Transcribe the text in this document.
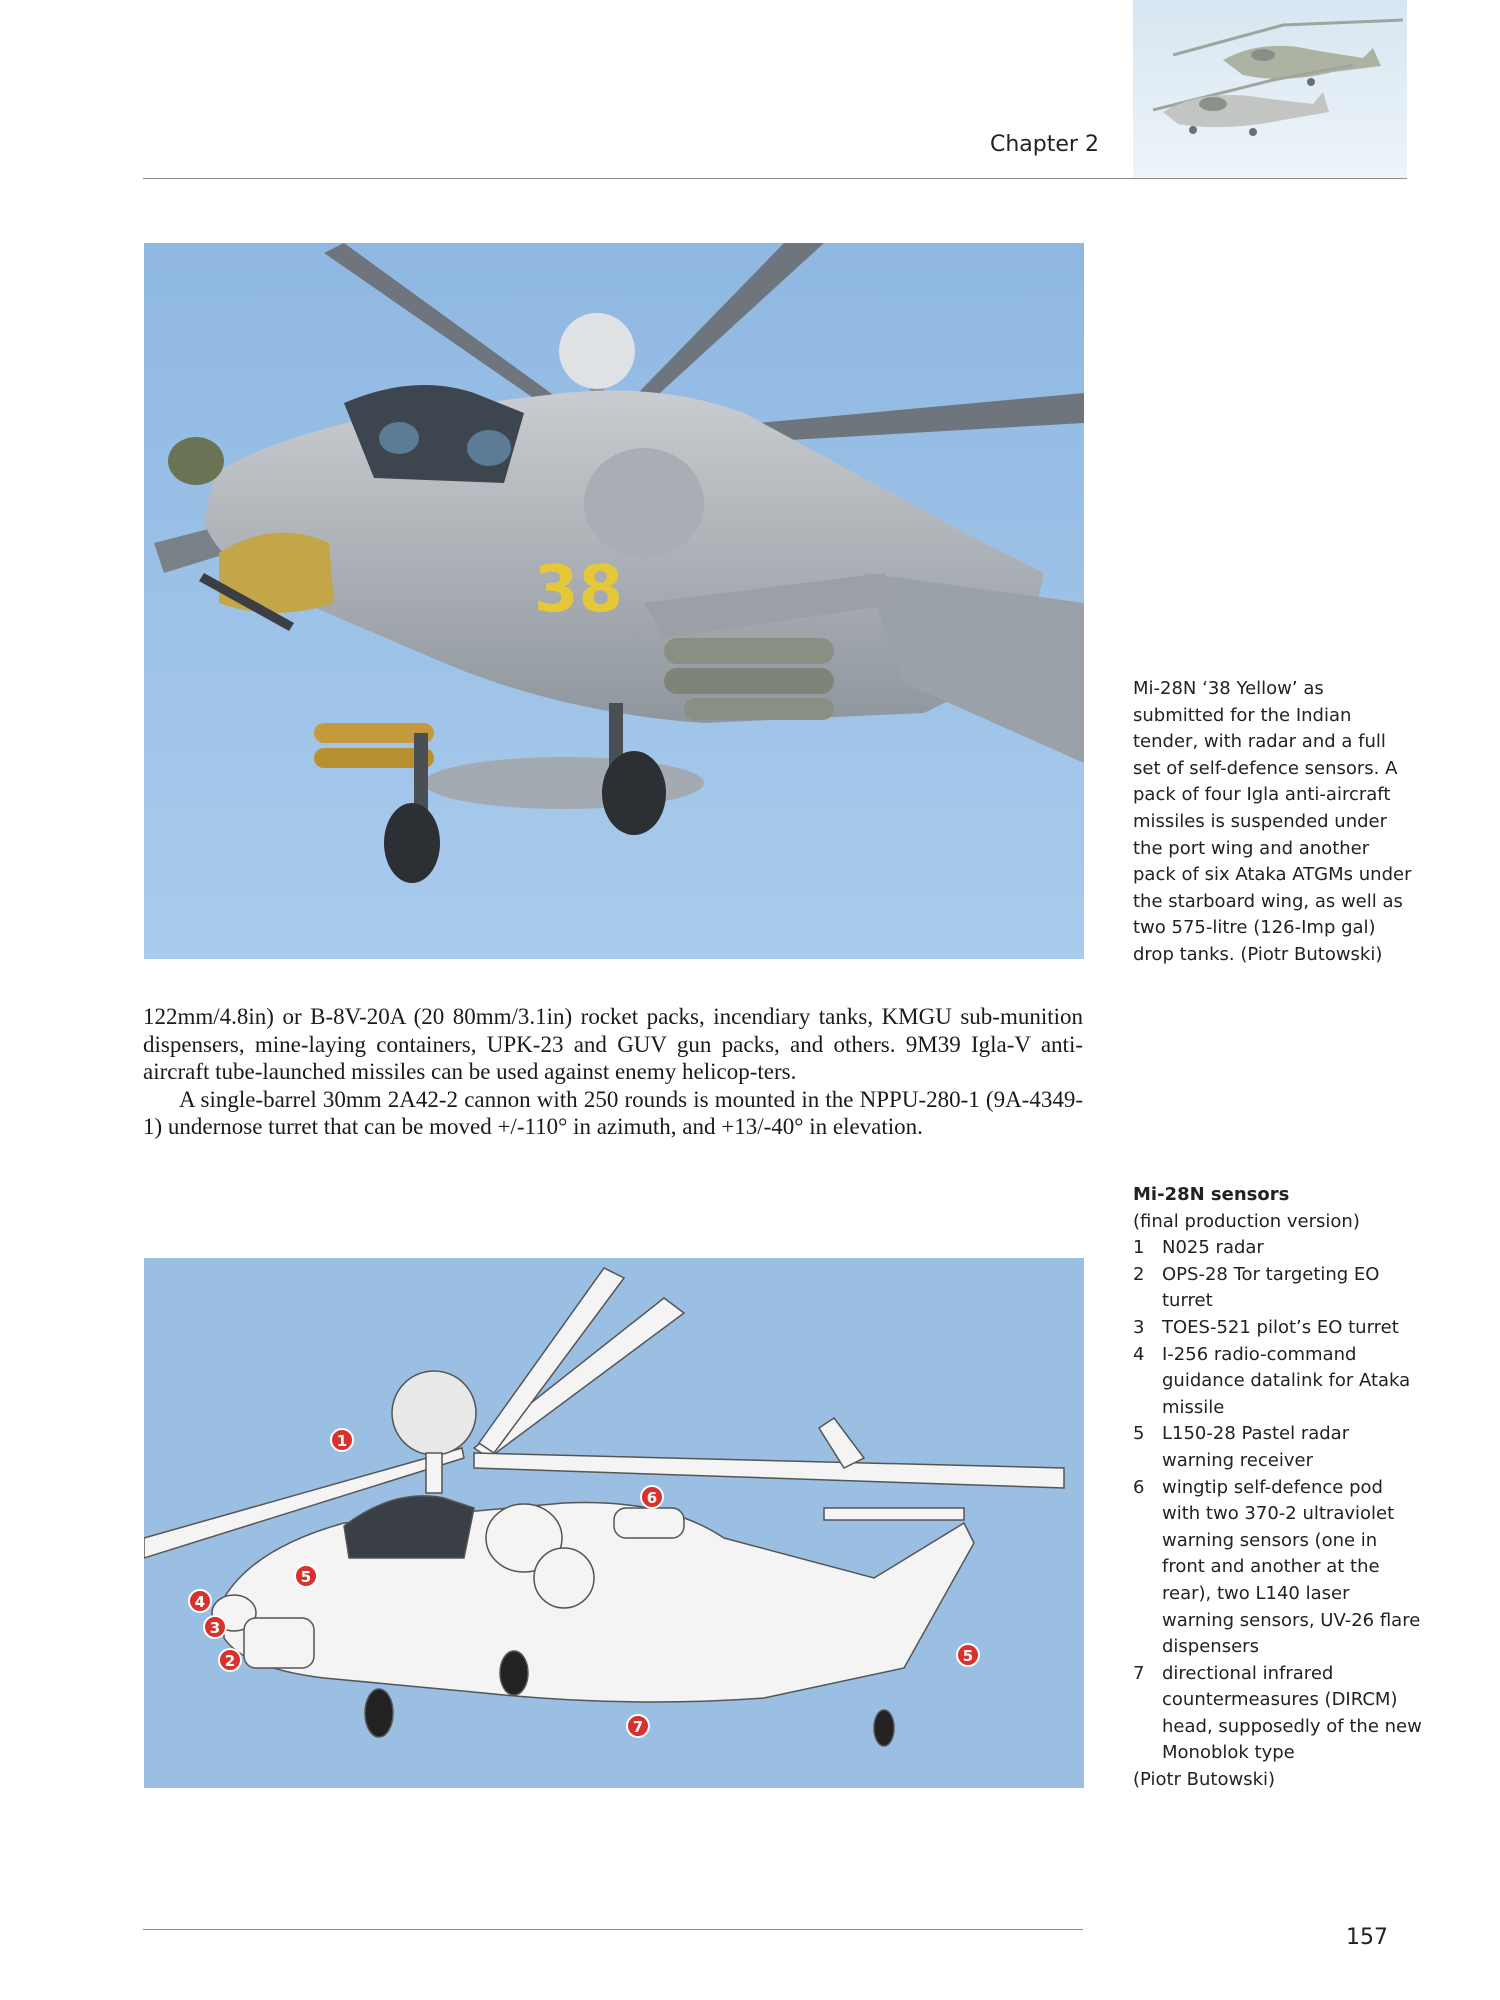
Chapter 2
38
Mi-28N ‘38 Yellow’ as submitted for the Indian tender, with radar and a full set of self-defence sensors. A pack of four Igla anti-aircraft missiles is suspended under the port wing and another pack of six Ataka ATGMs under the starboard wing, as well as two 575-litre (126-Imp gal) drop tanks. (Piotr Butowski)

122mm/4.8in) or B-8V-20A (20 80mm/3.1in) rocket packs, incendiary tanks, KMGU sub-munition dispensers, mine-laying containers, UPK-23 and GUV gun packs, and others. 9M39 Igla-V anti-aircraft tube-launched missiles can be used against enemy helicop-ters.

A single-barrel 30mm 2A42-2 cannon with 250 rounds is mounted in the NPPU-280-1 (9A-4349-1) undernose turret that can be moved +/-110° in azimuth, and +13/-40° in elevation.

1
2
3
4
5
5
6
7
Mi-28N sensors
(final production version)
1 N025 radar
2 OPS-28 Tor targeting EO turret
3 TOES-521 pilot’s EO turret
4 I-256 radio-command guidance datalink for Ataka missile
5 L150-28 Pastel radar warning receiver
6 wingtip self-defence pod with two 370-2 ultraviolet warning sensors (one in front and another at the rear), two L140 laser warning sensors, UV-26 flare dispensers
7 directional infrared countermeasures (DIRCM) head, supposedly of the new Monoblok type
(Piotr Butowski)
157
